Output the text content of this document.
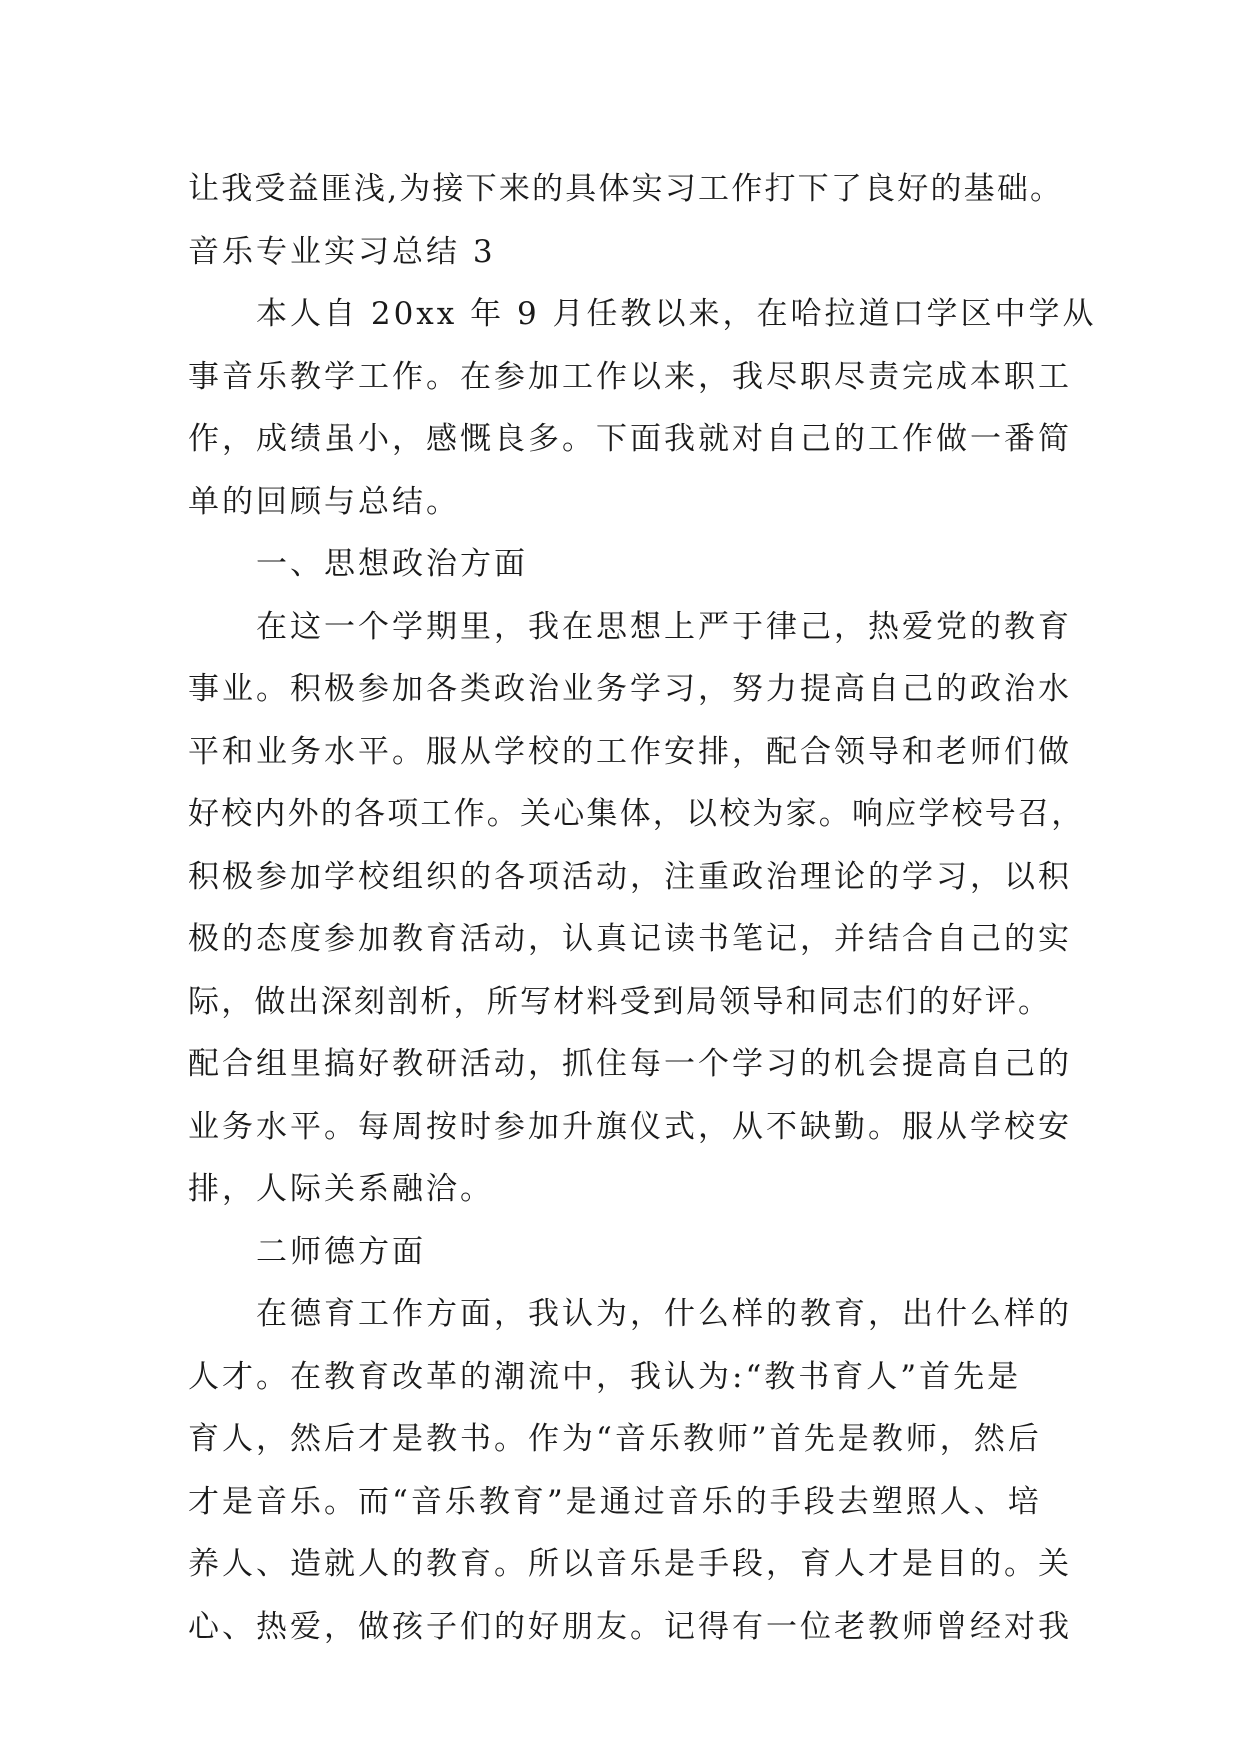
让我受益匪浅,为接下来的具体实习工作打下了良好的基础。
音乐专业实习总结 3
　　本人自 20xx 年 9 月任教以来，在哈拉道口学区中学从
事音乐教学工作。在参加工作以来，我尽职尽责完成本职工
作，成绩虽小，感慨良多。下面我就对自己的工作做一番简
单的回顾与总结。
　　一、思想政治方面
　　在这一个学期里，我在思想上严于律己，热爱党的教育
事业。积极参加各类政治业务学习，努力提高自己的政治水
平和业务水平。服从学校的工作安排，配合领导和老师们做
好校内外的各项工作。关心集体，以校为家。响应学校号召，
积极参加学校组织的各项活动，注重政治理论的学习，以积
极的态度参加教育活动，认真记读书笔记，并结合自己的实
际，做出深刻剖析，所写材料受到局领导和同志们的好评。
配合组里搞好教研活动，抓住每一个学习的机会提高自己的
业务水平。每周按时参加升旗仪式，从不缺勤。服从学校安
排，人际关系融洽。
　　二师德方面
　　在德育工作方面，我认为，什么样的教育，出什么样的
人才。在教育改革的潮流中，我认为:“教书育人”首先是
育人，然后才是教书。作为“音乐教师”首先是教师，然后
才是音乐。而“音乐教育”是通过音乐的手段去塑照人、培
养人、造就人的教育。所以音乐是手段，育人才是目的。关
心、热爱，做孩子们的好朋友。记得有一位老教师曾经对我
